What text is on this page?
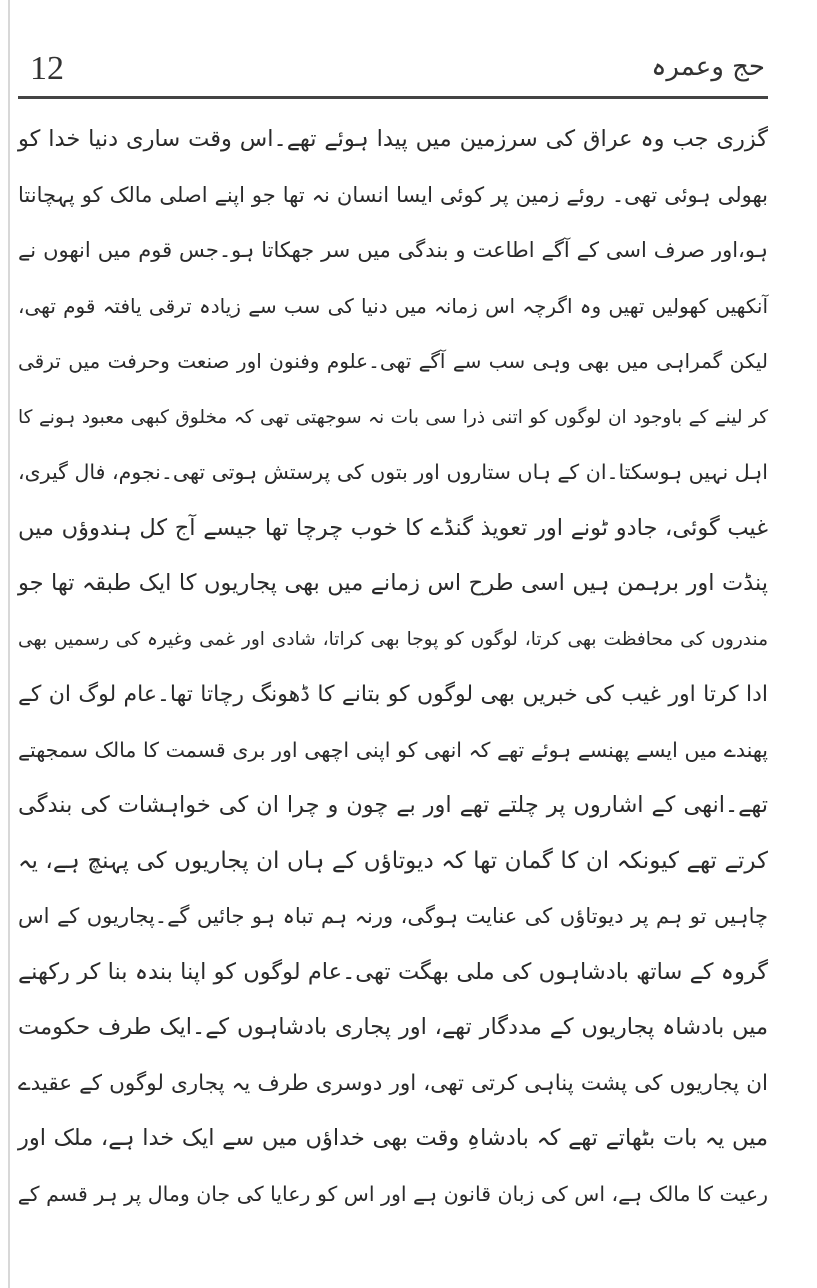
12	حج وعمرہ
گزری جب وہ عراق کی سرزمین میں پیدا ہوئے تھے۔اس وقت ساری دنیا خدا کو
بھولی ہوئی تھی۔ روئے زمین پر کوئی ایسا انسان نہ تھا جو اپنے اصلی مالک کو پہچانتا
ہو،اور صرف اسی کے آگے اطاعت و بندگی میں سر جھکاتا ہو۔جس قوم میں انھوں نے
آنکھیں کھولیں تھیں وہ اگرچہ اس زمانہ میں دنیا کی سب سے زیادہ ترقی یافتہ قوم تھی،
لیکن گمراہی میں بھی وہی سب سے آگے تھی۔علوم وفنون اور صنعت وحرفت میں ترقی
کر لینے کے باوجود ان لوگوں کو اتنی ذرا سی بات نہ سوجھتی تھی کہ مخلوق کبھی معبود ہونے کا
اہل نہیں ہوسکتا۔ان کے ہاں ستاروں اور بتوں کی پرستش ہوتی تھی۔نجوم، فال گیری،
غیب گوئی، جادو ٹونے اور تعویذ گنڈے کا خوب چرچا تھا جیسے آج کل ہندوؤں میں
پنڈت اور برہمن ہیں اسی طرح اس زمانے میں بھی پجاریوں کا ایک طبقہ تھا جو
مندروں کی محافظت بھی کرتا، لوگوں کو پوجا بھی کراتا، شادی اور غمی وغیرہ کی رسمیں بھی
ادا کرتا اور غیب کی خبریں بھی لوگوں کو بتانے کا ڈھونگ رچاتا تھا۔عام لوگ ان کے
پھندے میں ایسے پھنسے ہوئے تھے کہ انھی کو اپنی اچھی اور بری قسمت کا مالک سمجھتے
تھے۔انھی کے اشاروں پر چلتے تھے اور بے چون و چرا ان کی خواہشات کی بندگی
کرتے تھے کیونکہ ان کا گمان تھا کہ دیوتاؤں کے ہاں ان پجاریوں کی پہنچ ہے، یہ
چاہیں تو ہم پر دیوتاؤں کی عنایت ہوگی، ورنہ ہم تباہ ہو جائیں گے۔پجاریوں کے اس
گروہ کے ساتھ بادشاہوں کی ملی بھگت تھی۔عام لوگوں کو اپنا بندہ بنا کر رکھنے
میں بادشاہ پجاریوں کے مددگار تھے، اور پجاری بادشاہوں کے۔ایک طرف حکومت
ان پجاریوں کی پشت پناہی کرتی تھی، اور دوسری طرف یہ پجاری لوگوں کے عقیدے
میں یہ بات بٹھاتے تھے کہ بادشاہِ وقت بھی خداؤں میں سے ایک خدا ہے، ملک اور
رعیت کا مالک ہے، اس کی زبان قانون ہے اور اس کو رعایا کی جان ومال پر ہر قسم کے
